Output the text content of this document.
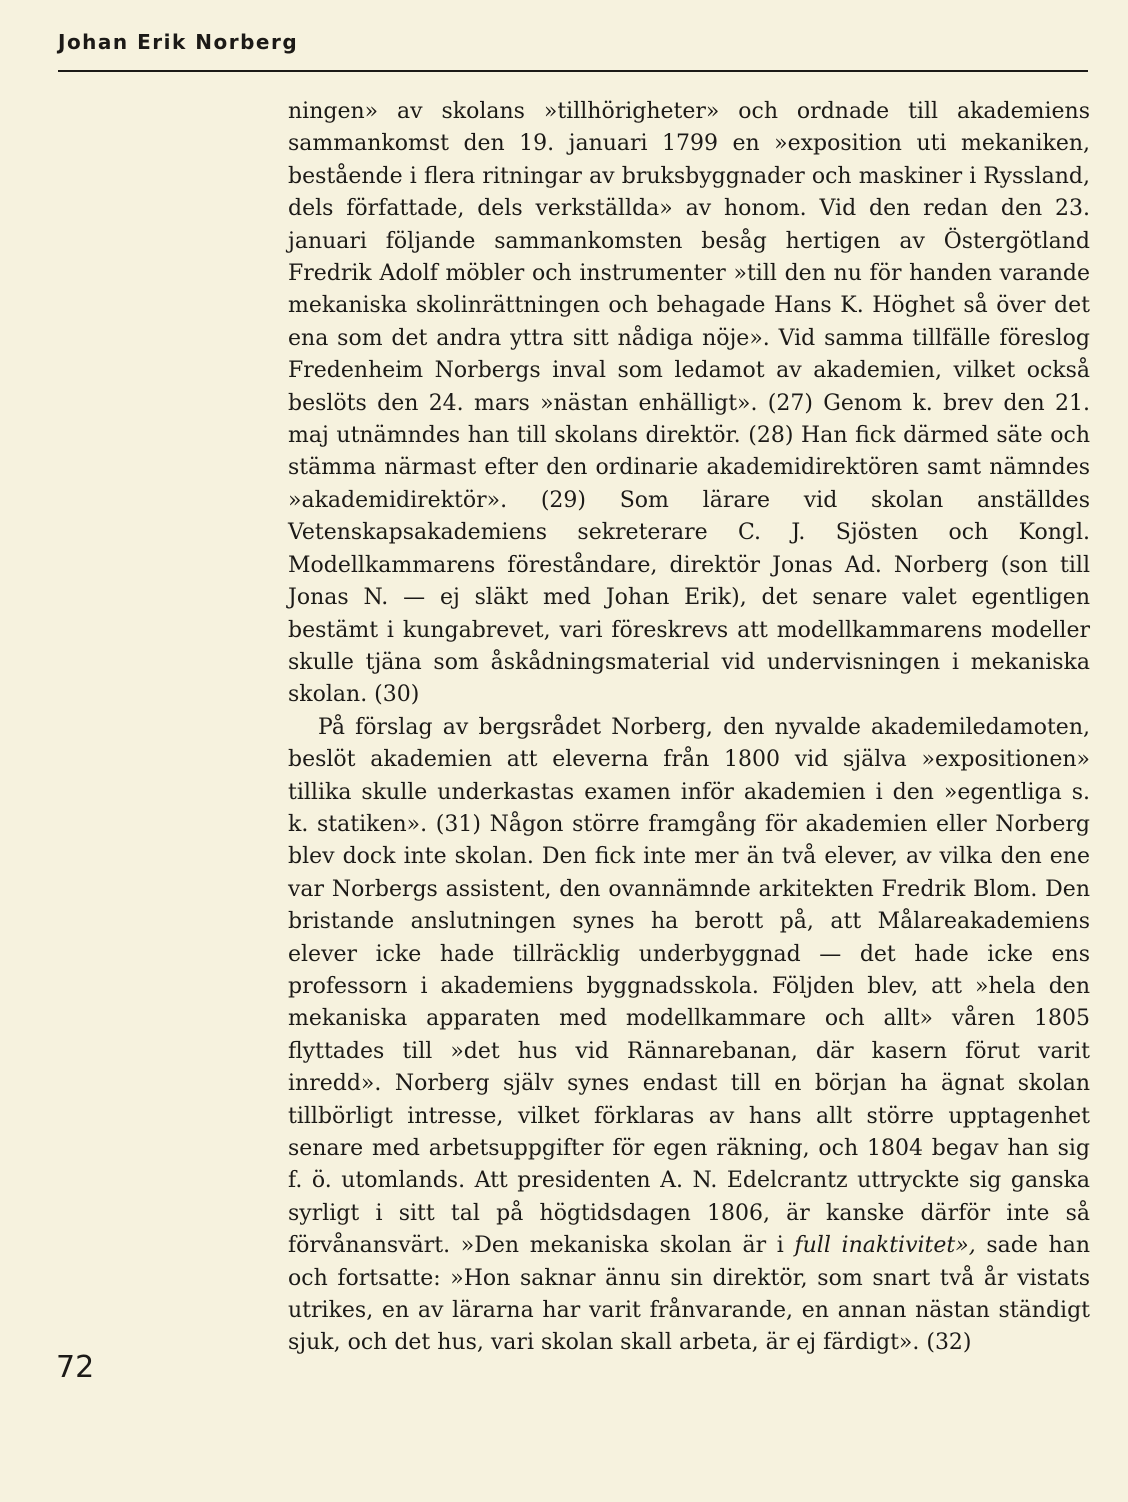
Johan Erik Norberg

ningen» av skolans »tillhörigheter» och ordnade till akademiens sammankomst den 19. januari 1799 en »exposition uti mekaniken, bestående i flera ritningar av bruksbyggnader och maskiner i Ryssland, dels författade, dels verkställda» av honom. Vid den redan den 23. januari följande sammankomsten besåg hertigen av Östergötland Fredrik Adolf möbler och instrumenter »till den nu för handen varande mekaniska skolinrättningen och behagade Hans K. Höghet så över det ena som det andra yttra sitt nådiga nöje». Vid samma tillfälle föreslog Fredenheim Norbergs inval som ledamot av akademien, vilket också beslöts den 24. mars »nästan enhälligt». (27) Genom k. brev den 21. maj utnämndes han till skolans direktör. (28) Han fick därmed säte och stämma närmast efter den ordinarie akademidirektören samt nämndes »akademidirektör». (29) Som lärare vid skolan anställdes Vetenskapsakademiens sekreterare C. J. Sjösten och Kongl. Modellkammarens föreståndare, direktör Jonas Ad. Norberg (son till Jonas N. — ej släkt med Johan Erik), det senare valet egentligen bestämt i kungabrevet, vari föreskrevs att modellkammarens modeller skulle tjäna som åskådningsmaterial vid undervisningen i mekaniska skolan. (30)

På förslag av bergsrådet Norberg, den nyvalde akademiledamoten, beslöt akademien att eleverna från 1800 vid själva »expositionen» tillika skulle underkastas examen inför akademien i den »egentliga s. k. statiken». (31) Någon större framgång för akademien eller Norberg blev dock inte skolan. Den fick inte mer än två elever, av vilka den ene var Norbergs assistent, den ovannämnde arkitekten Fredrik Blom. Den bristande anslutningen synes ha berott på, att Målareakademiens elever icke hade tillräcklig underbyggnad — det hade icke ens professorn i akademiens byggnadsskola. Följden blev, att »hela den mekaniska apparaten med modellkammare och allt» våren 1805 flyttades till »det hus vid Rännarebanan, där kasern förut varit inredd». Norberg själv synes endast till en början ha ägnat skolan tillbörligt intresse, vilket förklaras av hans allt större upptagenhet senare med arbetsuppgifter för egen räkning, och 1804 begav han sig f. ö. utomlands. Att presidenten A. N. Edelcrantz uttryckte sig ganska syrligt i sitt tal på högtidsdagen 1806, är kanske därför inte så förvånansvärt. »Den mekaniska skolan är i full inaktivitet», sade han och fortsatte: »Hon saknar ännu sin direktör, som snart två år vistats utrikes, en av lärarna har varit frånvarande, en annan nästan ständigt sjuk, och det hus, vari skolan skall arbeta, är ej färdigt». (32)

72
